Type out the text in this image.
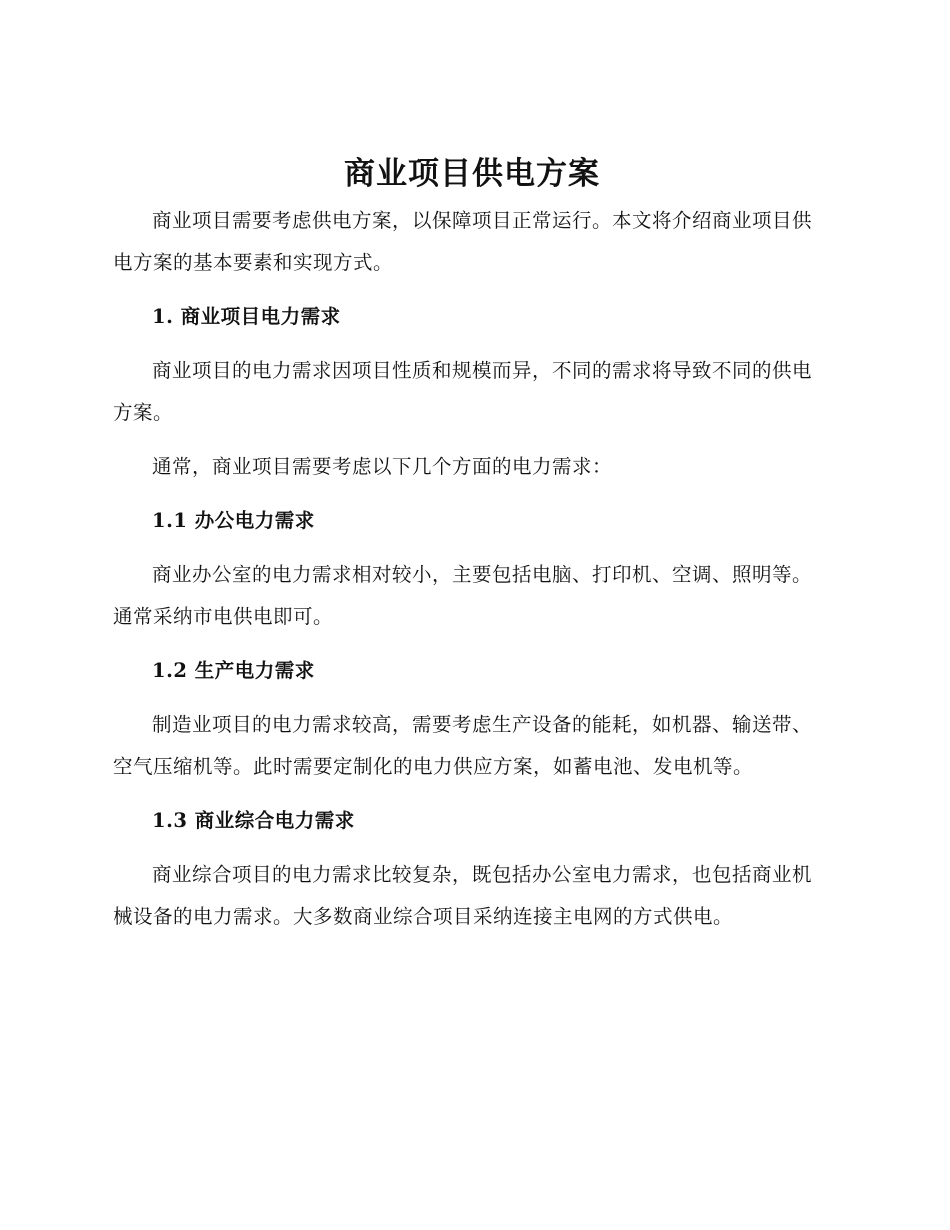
商业项目供电方案

商业项目需要考虑供电方案，以保障项目正常运行。本文将介绍商业项目供电方案的基本要素和实现方式。

1. 商业项目电力需求

商业项目的电力需求因项目性质和规模而异，不同的需求将导致不同的供电方案。

通常，商业项目需要考虑以下几个方面的电力需求：

1.1 办公电力需求

商业办公室的电力需求相对较小，主要包括电脑、打印机、空调、照明等。通常采纳市电供电即可。

1.2 生产电力需求

制造业项目的电力需求较高，需要考虑生产设备的能耗，如机器、输送带、空气压缩机等。此时需要定制化的电力供应方案，如蓄电池、发电机等。

1.3 商业综合电力需求

商业综合项目的电力需求比较复杂，既包括办公室电力需求，也包括商业机械设备的电力需求。大多数商业综合项目采纳连接主电网的方式供电。
